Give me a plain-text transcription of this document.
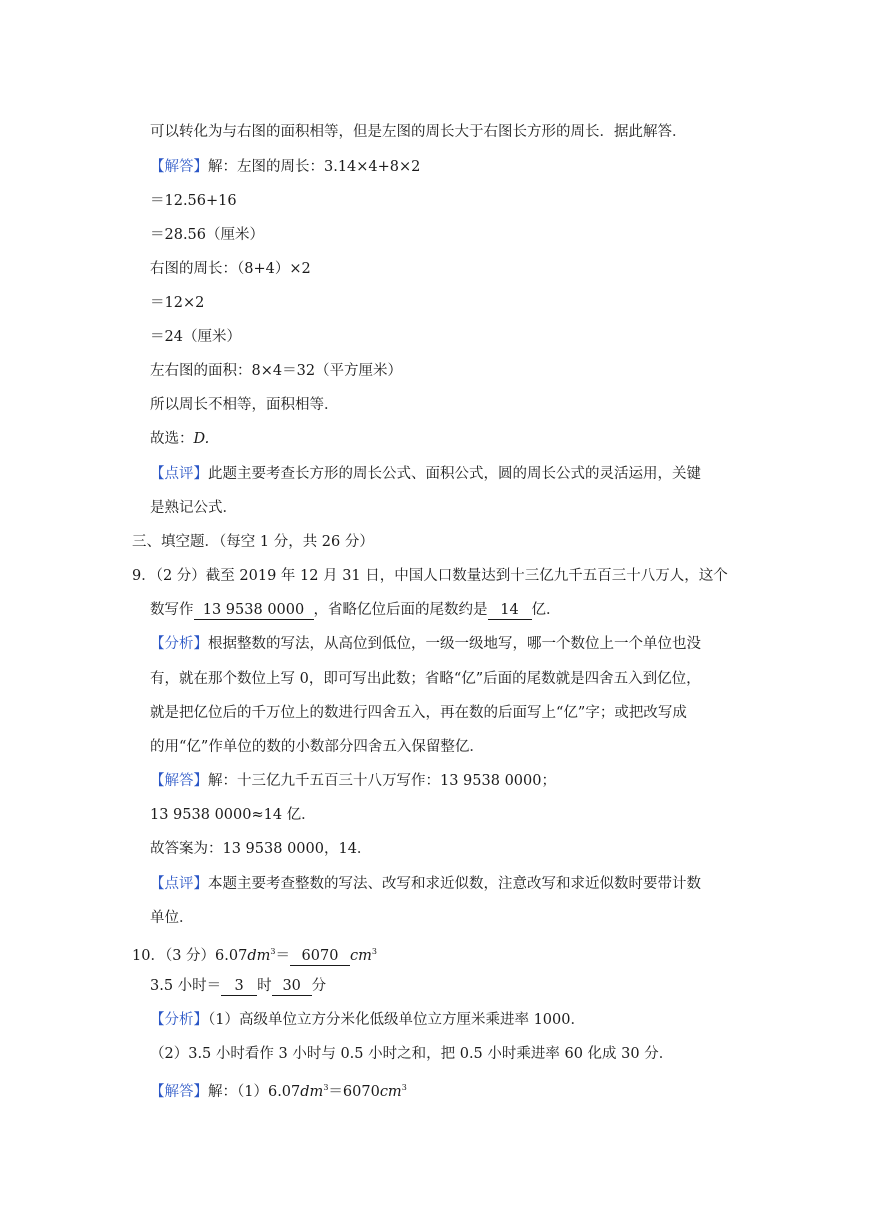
可以转化为与右图的面积相等，但是左图的周长大于右图长方形的周长．据此解答．
【解答】解：左图的周长：3.14×4+8×2
＝12.56+16
＝28.56（厘米）
右图的周长：（8+4）×2
＝12×2
＝24（厘米）
左右图的面积：8×4＝32（平方厘米）
所以周长不相等，面积相等．
故选：D.
【点评】此题主要考查长方形的周长公式、面积公式，圆的周长公式的灵活运用，关键
是熟记公式．
三、填空题．（每空 1 分，共 26 分）
9．（2 分）截至 2019 年 12 月 31 日，中国人口数量达到十三亿九千五百三十八万人，这个
数写作 13 9538 0000 ，省略亿位后面的尾数约是 14 亿．
【分析】根据整数的写法，从高位到低位，一级一级地写，哪一个数位上一个单位也没
有，就在那个数位上写 0，即可写出此数；省略“亿”后面的尾数就是四舍五入到亿位，
就是把亿位后的千万位上的数进行四舍五入，再在数的后面写上“亿”字；或把改写成
的用“亿”作单位的数的小数部分四舍五入保留整亿．
【解答】解：十三亿九千五百三十八万写作：13 9538 0000；
13 9538 0000≈14 亿．
故答案为：13 9538 0000，14．
【点评】本题主要考查整数的写法、改写和求近似数，注意改写和求近似数时要带计数
单位．
10．（3 分）$6.07dm^3= 6070$ $cm^3$
3.5 小时＝ 3 时 30 分
【分析】（1）高级单位立方分米化低级单位立方厘米乘进率 1000．
（2）3.5 小时看作 3 小时与 0.5 小时之和，把 0.5 小时乘进率 60 化成 30 分．
【解答】解：$(1)6.07dm^3=6070cm^3$
